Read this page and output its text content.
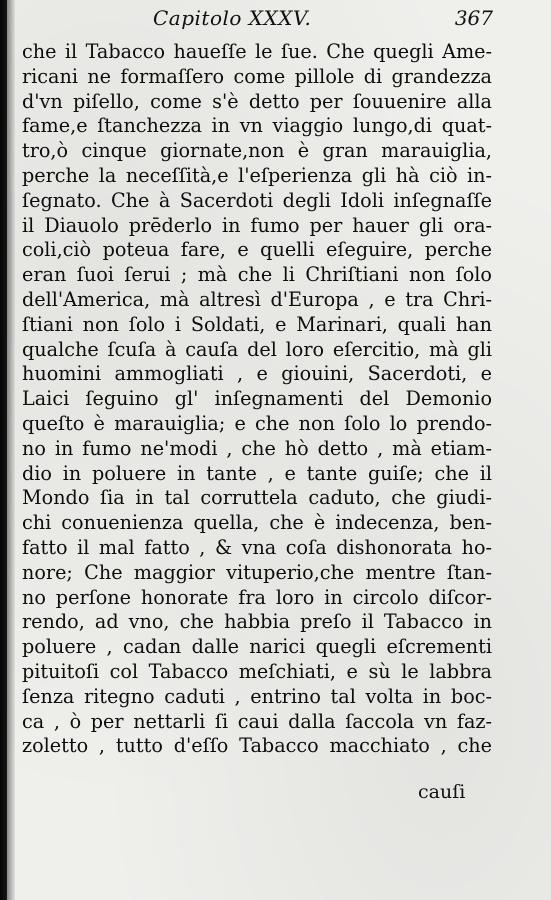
Capitolo XXXV.	367
che il Tabacco haueſſe le ſue. Che quegli Ame-
ricani ne formaſſero come pillole di grandezza
d'vn piſello, come s'è detto per ſouuenire alla
fame,e ſtanchezza in vn viaggio lungo,di quat-
tro,ò cinque giornate,non è gran marauiglia,
perche la neceſſità,e l'eſperienza gli hà ciò in-
ſegnato. Che à Sacerdoti degli Idoli inſegnaſſe
il Diauolo prēderlo in fumo per hauer gli ora-
coli,ciò poteua fare, e quelli eſeguire, perche
eran ſuoi ſerui ; mà che li Chriſtiani non ſolo
dell'America, mà altresì d'Europa , e tra Chri-
ſtiani non ſolo i Soldati, e Marinari, quali han
qualche ſcuſa à cauſa del loro eſercitio, mà gli
huomini ammogliati , e giouini, Sacerdoti, e
Laici ſeguino gl' inſegnamenti del Demonio
queſto è marauiglia; e che non ſolo lo prendo-
no in fumo ne'modi , che hò detto , mà etiam-
dio in poluere in tante , e tante guiſe; che il
Mondo ſia in tal corruttela caduto, che giudi-
chi conuenienza quella, che è indecenza, ben-
fatto il mal fatto , & vna coſa dishonorata ho-
nore; Che maggior vituperio,che mentre ſtan-
no perſone honorate fra loro in circolo diſcor-
rendo, ad vno, che habbia preſo il Tabacco in
poluere , cadan dalle narici quegli eſcrementi
pituitoſi col Tabacco meſchiati, e sù le labbra
ſenza ritegno caduti , entrino tal volta in boc-
ca , ò per nettarli ſi caui dalla ſaccola vn faz-
zoletto , tutto d'eſſo Tabacco macchiato , che
cauſi
